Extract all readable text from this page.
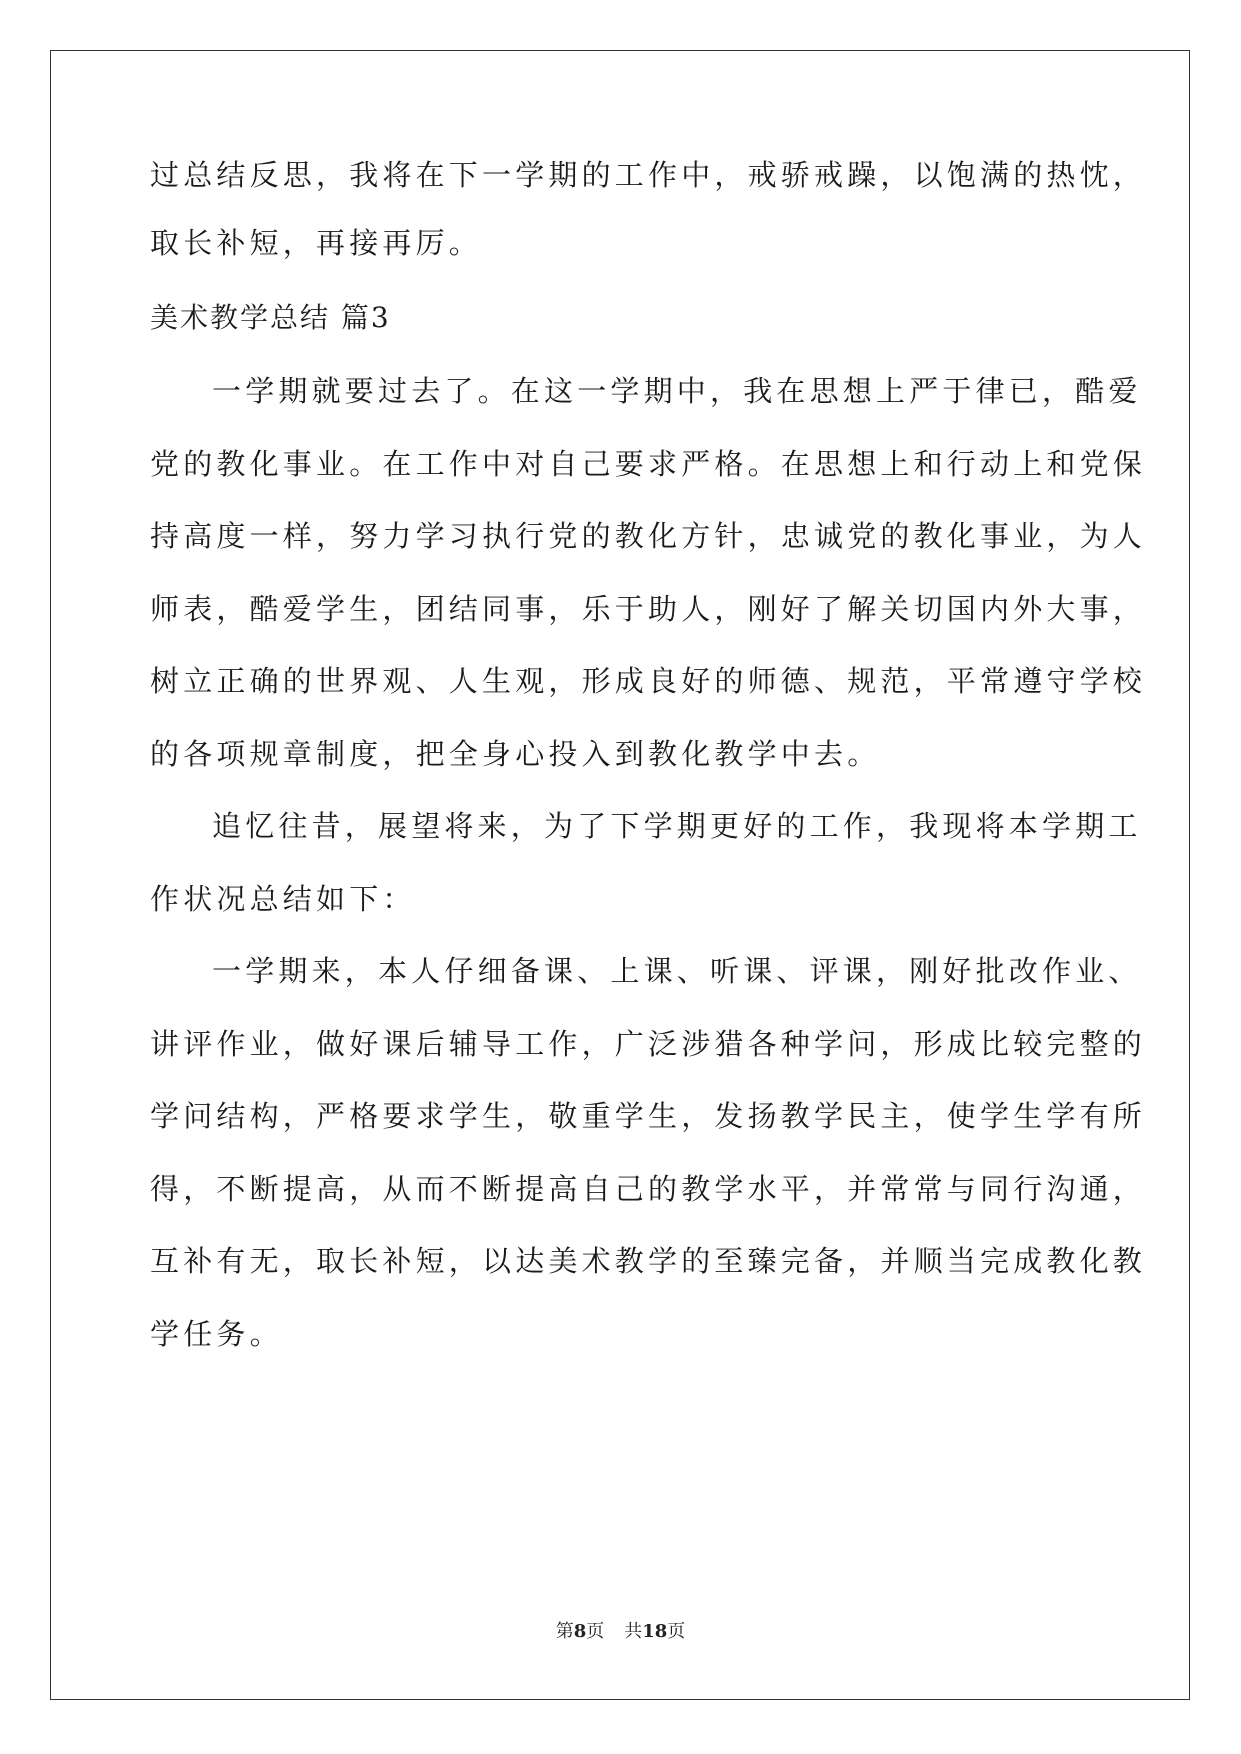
过总结反思，我将在下一学期的工作中，戒骄戒躁，以饱满的热忱，
取长补短，再接再厉。
美术教学总结 篇3
一学期就要过去了。在这一学期中，我在思想上严于律已，酷爱
党的教化事业。在工作中对自己要求严格。在思想上和行动上和党保
持高度一样，努力学习执行党的教化方针，忠诚党的教化事业，为人
师表，酷爱学生，团结同事，乐于助人，刚好了解关切国内外大事，
树立正确的世界观、人生观，形成良好的师德、规范，平常遵守学校
的各项规章制度，把全身心投入到教化教学中去。
追忆往昔，展望将来，为了下学期更好的工作，我现将本学期工
作状况总结如下：
一学期来，本人仔细备课、上课、听课、评课，刚好批改作业、
讲评作业，做好课后辅导工作，广泛涉猎各种学问，形成比较完整的
学问结构，严格要求学生，敬重学生，发扬教学民主，使学生学有所
得，不断提高，从而不断提高自己的教学水平，并常常与同行沟通，
互补有无，取长补短，以达美术教学的至臻完备，并顺当完成教化教
学任务。
第8页 共18页
